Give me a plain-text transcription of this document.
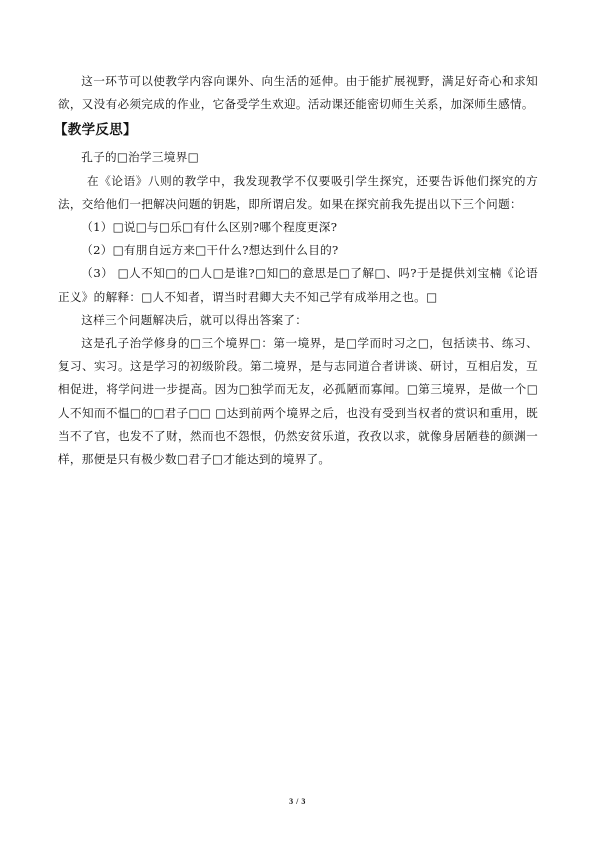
这一环节可以使教学内容向课外、向生活的延伸。由于能扩展视野，满足好奇心和求知欲，又没有必须完成的作业，它备受学生欢迎。活动课还能密切师生关系，加深师生感情。

【教学反思】

孔子的□治学三境界□

在《论语》八则的教学中，我发现教学不仅要吸引学生探究，还要告诉他们探究的方法，交给他们一把解决问题的钥匙，即所谓启发。如果在探究前我先提出以下三个问题：

（1）□说□与□乐□有什么区别?哪个程度更深?

（2）□有朋自远方来□干什么?想达到什么目的?

（3） □人不知□的□人□是谁?□知□的意思是□了解□、吗?于是提供刘宝楠《论语正义》的解释：□人不知者，谓当时君卿大夫不知己学有成举用之也。□

这样三个问题解决后，就可以得出答案了：

这是孔子治学修身的□三个境界□：第一境界，是□学而时习之□，包括读书、练习、复习、实习。这是学习的初级阶段。第二境界，是与志同道合者讲谈、研讨，互相启发，互相促进，将学问进一步提高。因为□独学而无友，必孤陋而寡闻。□第三境界，是做一个□人不知而不愠□的□君子□□ □达到前两个境界之后，也没有受到当权者的赏识和重用，既当不了官，也发不了财，然而也不怨恨，仍然安贫乐道，孜孜以求，就像身居陋巷的颜渊一样，那便是只有极少数□君子□才能达到的境界了。

3 / 3
